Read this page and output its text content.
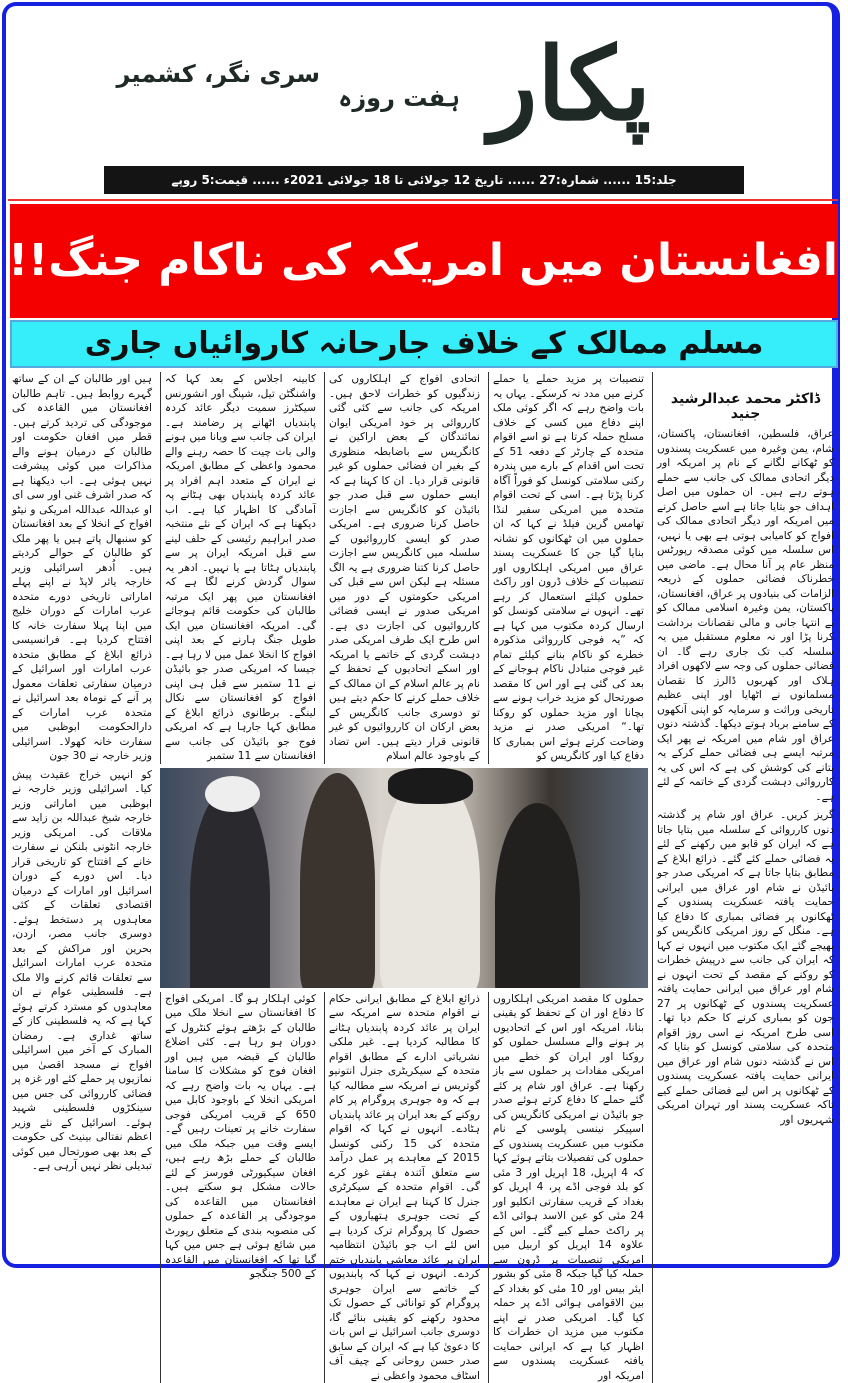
پکار
ہفت روزہ
سری نگر، کشمیر
جلد:15 ...... شمارہ:27 ...... تاریخ 12 جولائی تا 18 جولائی 2021ء ...... قیمت:5 روپے
افغانستان میں امریکہ کی ناکام جنگ!!
مسلم ممالک کے خلاف جارحانہ کاروائیاں جاری
ڈاکٹر محمد عبدالرشید جنید

عراق، فلسطین، افغانستان، پاکستان، شام، یمن وغیرہ میں عسکریت پسندوں کو ٹھکانے لگانے کے نام پر امریکہ اور دیگر اتحادی ممالک کی جانب سے حملے ہوتے رہے ہیں۔ ان حملوں میں اصل اہداف جو بتایا جاتا ہے اسے حاصل کرنے میں امریکہ اور دیگر اتحادی ممالک کی افواج کو کامیابی ہوتی ہے بھی یا نہیں، اس سلسلہ میں کوئی مصدقہ رپورٹس منظر عام پر آنا محال ہے۔ ماضی میں خطرناک فضائی حملوں کے ذریعہ الزامات کی بنیادوں پر عراق، افغانستان، پاکستان، یمن وغیرہ اسلامی ممالک کو بے انتہا جانی و مالی نقصانات برداشت کرنا پڑا اور نہ معلوم مستقبل میں یہ سلسلہ کب تک جاری رہے گا۔ ان فضائی حملوں کی وجہ سے لاکھوں افراد ہلاک اور کھربوں ڈالرز کا نقصان مسلمانوں نے اٹھایا اور اپنی عظیم تاریخی وراثت و سرمایہ کو اپنی آنکھوں کے سامنے برباد ہوتے دیکھا۔ گذشتہ دنوں عراق اور شام میں امریکہ نے پھر ایک مرتبہ ایسے ہی فضائی حملے کرکے یہ بتانے کی کوشش کی ہے کہ اس کی یہ کارروائی دہشت گردی کے خاتمہ کے لئے ہے۔

گریز کریں۔ عراق اور شام پر گذشتہ دنوں کارروائی کے سلسلہ میں بتایا جاتا ہے کہ ایران کو قابو میں رکھنے کے لئے یہ فضائی حملے کئے گئے۔ ذرائع ابلاغ کے مطابق بتایا جاتا ہے کہ امریکی صدر جو بائیڈن نے شام اور عراق میں ایرانی حمایت یافتہ عسکریت پسندوں کے ٹھکانوں پر فضائی بمباری کا دفاع کیا ہے۔ منگل کے روز امریکی کانگریس کو بھیجے گئے ایک مکتوب میں انہوں نے کہا کہ ایران کی جانب سے درپیش خطرات کو روکنے کے مقصد کے تحت انہوں نے شام اور عراق میں ایرانی حمایت یافتہ عسکریت پسندوں کے ٹھکانوں پر 27 جون کو بمباری کرنے کا حکم دیا تھا۔ اسی طرح امریکہ نے اسی روز اقوام متحدہ کی سلامتی کونسل کو بتایا کہ اس نے گذشتہ دنوں شام اور عراق میں ایرانی حمایت یافتہ عسکریت پسندوں کے ٹھکانوں پر اس لیے فضائی حملے کیے تاکہ عسکریت پسند اور تہران امریکی شہریوں اور

تنصیبات پر مزید حملے یا حملے کرنے میں مدد نہ کرسکے۔ یہاں یہ بات واضح رہے کہ اگر کوئی ملک اپنے دفاع میں کسی کے خلاف مسلح حملہ کرتا ہے تو اسے اقوام متحدہ کے چارٹر کے دفعہ 51 کے تحت اس اقدام کے بارے میں پندرہ رکنی سلامتی کونسل کو فوراً آگاہ کرنا پڑتا ہے۔ اسی کے تحت اقوام متحدہ میں امریکی سفیر لنڈا تھامس گرین فیلڈ نے کہا کہ ان حملوں میں ان ٹھکانوں کو نشانہ بنایا گیا جن کا عسکریت پسند عراق میں امریکی اہلکاروں اور تنصیبات کے خلاف ڈرون اور راکٹ حملوں کیلئے استعمال کر رہے تھے۔ انہوں نے سلامتی کونسل کو ارسال کردہ مکتوب میں کہا ہے کہ ”یہ فوجی کارروائی مذکورہ خطرے کو ناکام بنانے کیلئے تمام غیر فوجی متبادل ناکام ہوجانے کے بعد کی گئی ہے اور اس کا مقصد صورتحال کو مزید خراب ہونے سے بچانا اور مزید حملوں کو روکنا تھا۔“ امریکی صدر نے مزید وضاحت کرتے ہوئے اس بمباری کا دفاع کیا اور کانگریس کو

اتحادی افواج کے اہلکاروں کی زندگیوں کو خطرات لاحق ہیں۔ امریکہ کی جانب سے کئی گئی کارروائی پر خود امریکی ایوان نمائندگان کے بعض اراکین نے کانگریس سے باضابطہ منظوری کے بغیر ان فضائی حملوں کو غیر قانونی قرار دیا۔ ان کا کہنا ہے کہ ایسے حملوں سے قبل صدر جو بائیڈن کو کانگریس سے اجازت حاصل کرنا ضروری ہے۔ امریکی صدر کو ایسی کارروائیوں کے سلسلہ میں کانگریس سے اجازت حاصل کرنا کتنا ضروری ہے یہ الگ مسئلہ ہے لیکن اس سے قبل کی امریکی حکومتوں کے دور میں امریکی صدور نے ایسی فضائی کارروائیوں کی اجازت دی ہے۔ اس طرح ایک طرف امریکی صدر دہشت گردی کے خاتمے یا امریکہ اور اسکے اتحادیوں کے تحفظ کے نام پر عالم اسلام کے ان ممالک کے خلاف حملے کرنے کا حکم دیتے ہیں تو دوسری جانب کانگریس کے بعض ارکان ان کارروائیوں کو غیر قانونی قرار دیتے ہیں۔ اس تضاد کے باوجود عالم اسلام

کابینہ اجلاس کے بعد کہا کہ واشنگٹن تیل، شپنگ اور انشورنس سیکٹرز سمیت دیگر عائد کردہ پابندیاں اٹھانے پر رضامند ہے۔ ایران کی جانب سے ویانا میں ہونے والی بات چیت کا حصہ رہنے والے محمود واعظی کے مطابق امریکہ نے ایران کے متعدد اہم افراد پر عائد کردہ پابندیاں بھی ہٹانے پہ آمادگی کا اظہار کیا ہے۔ اب دیکھنا ہے کہ ایران کے نئے منتخبہ صدر ابراہیم رئیسی کے حلف لینے سے قبل امریکہ ایران پر سے پابندیاں ہٹاتا ہے یا نہیں۔ ادھر یہ سوال گردش کرنے لگا ہے کہ افغانستان میں پھر ایک مرتبہ طالبان کی حکومت قائم ہوجائے گی۔ امریکہ افغانستان میں ایک طویل جنگ ہارنے کے بعد اپنی افواج کا انخلا عمل میں لا رہا ہے۔ جیسا کہ امریکی صدر جو بائیڈن نے 11 ستمبر سے قبل ہی اپنی افواج کو افغانستان سے نکال لینگے۔ برطانوی ذرائع ابلاغ کے مطابق کہا جارہا ہے کہ امریکی فوج جو بائیڈن کی جانب سے افغانستان سے 11 ستمبر

ہیں اور طالبان کے ان کے ساتھ گہرے روابط ہیں۔ تاہم طالبان افغانستان میں القاعدہ کی موجودگی کی تردید کرتے ہیں۔ قطر میں افغان حکومت اور طالبان کے درمیان ہونے والے مذاکرات میں کوئی پیشرفت نہیں ہوئی ہے۔ اب دیکھنا ہے کہ صدر اشرف غنی اور سی ای او عبداللہ عبداللہ امریکی و نیٹو افواج کے انخلا کے بعد افغانستان کو سنبھال پاتے ہیں یا پھر ملک کو طالبان کے حوالے کردیتے ہیں۔ اُدھر اسرائیلی وزیر خارجہ یائر لاپڈ نے اپنے پہلے اماراتی تاریخی دورے متحدہ عرب امارات کے دوران خلیج میں اپنا پہلا سفارت خانہ کا افتتاح کردیا ہے۔ فرانسیسی ذرائع ابلاغ کے مطابق متحدہ عرب امارات اور اسرائیل کے درمیان سفارتی تعلقات معمول پر آنے کے نوماہ بعد اسرائیل نے متحدہ عرب امارات کے دارالحکومت ابوظبی میں سفارت خانہ کھولا۔ اسرائیلی وزیر خارجہ نے 30 جون

حملوں کا مقصد امریکی اہلکاروں کا دفاع اور ان کے تحفظ کو یقینی بنانا، امریکہ اور اس کے اتحادیوں پر ہونے والے مسلسل حملوں کو روکنا اور ایران کو خطے میں امریکی مفادات پر حملوں سے باز رکھنا ہے۔ عراق اور شام پر کئے گئے حملے کا دفاع کرتے ہوئے صدر جو بائیڈن نے امریکی کانگریس کی اسپیکر نینسی پلوسی کے نام مکتوب میں عسکریت پسندوں کے حملوں کی تفصیلات بتاتے ہوئے کہا کہ 4 اپریل، 18 اپریل اور 3 مئی کو بلد فوجی اڈے پر، 4 اپریل کو بغداد کے قریب سفارتی انکلیو اور 24 مئی کو عین الاسد ہوائی اڈے پر راکٹ حملے کیے گئے۔ اس کے علاوہ 14 اپریل کو اربیل میں امریکی تنصیبات پر ڈرون سے حملہ کیا گیا جبکہ 8 مئی کو بشور ایئر بیس اور 10 مئی کو بغداد کے بین الاقوامی ہوائی اڈے پر حملہ کیا گیا۔ امریکی صدر نے اپنے مکتوب میں مزید ان خطرات کا اظہار کیا ہے کہ ایرانی حمایت یافتہ عسکریت پسندوں سے امریکہ اور

ذرائع ابلاغ کے مطابق ایرانی حکام نے اقوام متحدہ سے امریکہ سے ایران پر عائد کردہ پابندیاں ہٹانے کا مطالبہ کردیا ہے۔ غیر ملکی نشریاتی ادارے کے مطابق اقوام متحدہ کے سیکریٹری جنرل انتونیو گوتریس نے امریکہ سے مطالبہ کیا ہے کہ وہ جوہری پروگرام پر کام روکنے کے بعد ایران پر عائد پابندیاں ہٹادے۔ انہوں نے کہا کہ اقوام متحدہ کی 15 رکنی کونسل 2015 کے معاہدے پر عمل درآمد سے متعلق آئندہ ہفتے غور کرے گی۔ اقوام متحدہ کے سیکرٹری جنرل کا کہنا ہے ایران نے معاہدے کے تحت جوہری ہتھیاروں کے حصول کا پروگرام ترک کردیا ہے اس لئے اب جو بائیڈن انتظامیہ ایران پر عائد معاشی پابندیاں ختم کردے۔ انہوں نے کہا کہ پابندیوں کے خاتمے سے ایران جوہری پروگرام کو توانائی کے حصول تک محدود رکھنے کو یقینی بنائے گا، دوسری جانب اسرائیل نے اس بات کا دعویٰ کیا ہے کہ ایران کے سابق صدر حسن روحانی کے چیف آف اسٹاف محمود واعظی نے

کوئی اہلکار ہو گا۔ امریکی افواج کا افغانستان سے انخلا ملک میں طالبان کے بڑھتے ہوئے کنٹرول کے دوران ہو رہا ہے۔ کئی اضلاع طالبان کے قبضہ میں ہیں اور افغان فوج کو مشکلات کا سامنا ہے۔ یہاں یہ بات واضح رہے کہ امریکی انخلا کے باوجود کابل میں 650 کے قریب امریکی فوجی سفارت خانے پر تعینات رہیں گے۔ ایسے وقت میں جبکہ ملک میں طالبان کے حملے بڑھ رہے ہیں، افغان سیکیورٹی فورسز کے لئے حالات مشکل ہو سکتے ہیں۔ افغانستان میں القاعدہ کی موجودگی پر القاعدہ کے حملوں کی منصوبہ بندی کے متعلق رپورٹ میں شائع ہوئی ہے جس میں کہا گیا تھا کہ افغانستان میں القاعدہ کے 500 جنگجو

کو انہیں خراج عقیدت پیش کیا۔ اسرائیلی وزیر خارجہ نے ابوظبی میں اماراتی وزیر خارجہ شیخ عبداللہ بن زاید سے ملاقات کی۔ امریکی وزیر خارجہ انٹونی بلنکن نے سفارت خانے کے افتتاح کو تاریخی قرار دیا۔ اس دورے کے دوران اسرائیل اور امارات کے درمیان اقتصادی تعلقات کے کئی معاہدوں پر دستخط ہوئے۔ دوسری جانب مصر، اردن، بحرین اور مراکش کے بعد متحدہ عرب امارات اسرائیل سے تعلقات قائم کرنے والا ملک ہے۔ فلسطینی عوام نے ان معاہدوں کو مسترد کرتے ہوئے کہا ہے کہ یہ فلسطینی کاز کے ساتھ غداری ہے۔ رمضان المبارک کے آخر میں اسرائیلی افواج نے مسجد اقصیٰ میں نمازیوں پر حملے کئے اور غزہ پر فضائی کارروائی کی جس میں سینکڑوں فلسطینی شہید ہوئے۔ اسرائیل کے نئے وزیر اعظم نفتالی بینیٹ کی حکومت کے بعد بھی صورتحال میں کوئی تبدیلی نظر نہیں آرہی ہے۔
